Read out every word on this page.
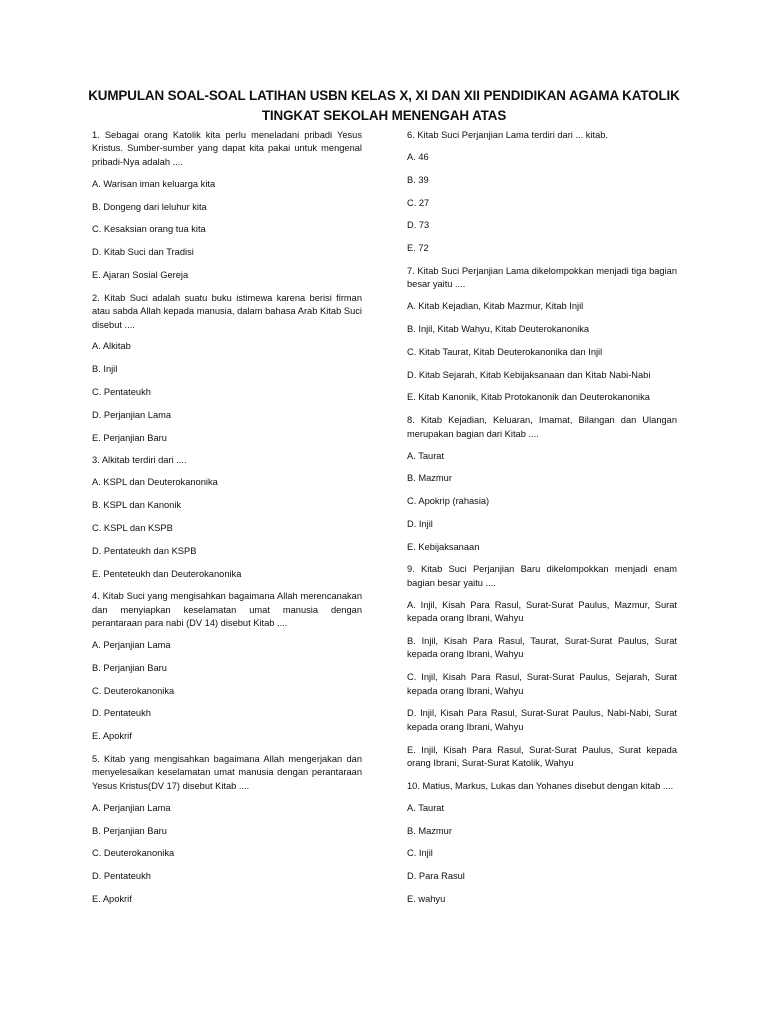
KUMPULAN SOAL-SOAL LATIHAN USBN KELAS X, XI DAN XII PENDIDIKAN AGAMA KATOLIK
TINGKAT SEKOLAH MENENGAH ATAS

1. Sebagai orang Katolik kita perlu meneladani pribadi Yesus Kristus. Sumber-sumber yang dapat kita pakai untuk mengenal pribadi-Nya adalah ....

A. Warisan iman keluarga kita

B. Dongeng dari leluhur kita

C. Kesaksian orang tua kita

D. Kitab Suci dan Tradisi

E. Ajaran Sosial Gereja

2. Kitab Suci adalah suatu buku istimewa karena berisi firman atau sabda Allah kepada manusia, dalam bahasa Arab Kitab Suci disebut ....

A. Alkitab

B. Injil

C. Pentateukh

D. Perjanjian Lama

E. Perjanjian Baru

3. Alkitab terdiri dari ....

A. KSPL dan Deuterokanonika

B. KSPL dan Kanonik

C. KSPL dan KSPB

D. Pentateukh dan KSPB

E. Penteteukh dan Deuterokanonika

4. Kitab Suci yang mengisahkan bagaimana Allah merencanakan dan menyiapkan keselamatan umat manusia dengan perantaraan para nabi (DV 14) disebut Kitab ....

A. Perjanjian Lama

B. Perjanjian Baru

C. Deuterokanonika

D. Pentateukh

E. Apokrif

5. Kitab yang mengisahkan bagaimana Allah mengerjakan dan menyelesaikan keselamatan umat manusia dengan perantaraan Yesus Kristus(DV 17) disebut Kitab ....

A. Perjanjian Lama

B. Perjanjian Baru

C. Deuterokanonika

D. Pentateukh

E. Apokrif

6. Kitab Suci Perjanjian Lama terdiri dari ... kitab.

A. 46

B. 39

C. 27

D. 73

E. 72

7. Kitab Suci Perjanjian Lama dikelompokkan menjadi tiga bagian besar yaitu ....

A. Kitab Kejadian, Kitab Mazmur, Kitab Injil

B. Injil, Kitab Wahyu, Kitab Deuterokanonika

C. Kitab Taurat, Kitab Deuterokanonika dan Injil

D. Kitab Sejarah, Kitab Kebijaksanaan dan Kitab Nabi-Nabi

E. Kitab Kanonik, Kitab Protokanonik dan Deuterokanonika

8. Kitab Kejadian, Keluaran, Imamat, Bilangan dan Ulangan merupakan bagian dari Kitab ....

A. Taurat

B. Mazmur

C. Apokrip (rahasia)

D. Injil

E. Kebijaksanaan

9. Kitab Suci Perjanjian Baru dikelompokkan menjadi enam bagian besar yaitu ....

A. Injil, Kisah Para Rasul, Surat-Surat Paulus, Mazmur, Surat kepada orang Ibrani, Wahyu

B. Injil, Kisah Para Rasul, Taurat, Surat-Surat Paulus, Surat kepada orang Ibrani, Wahyu

C. Injil, Kisah Para Rasul, Surat-Surat Paulus, Sejarah, Surat kepada orang Ibrani, Wahyu

D. Injil, Kisah Para Rasul, Surat-Surat Paulus, Nabi-Nabi, Surat kepada orang Ibrani, Wahyu

E. Injil, Kisah Para Rasul, Surat-Surat Paulus, Surat kepada orang Ibrani, Surat-Surat Katolik, Wahyu

10. Matius, Markus, Lukas dan Yohanes disebut dengan kitab ....

A. Taurat

B. Mazmur

C. Injil

D. Para Rasul

E. wahyu
